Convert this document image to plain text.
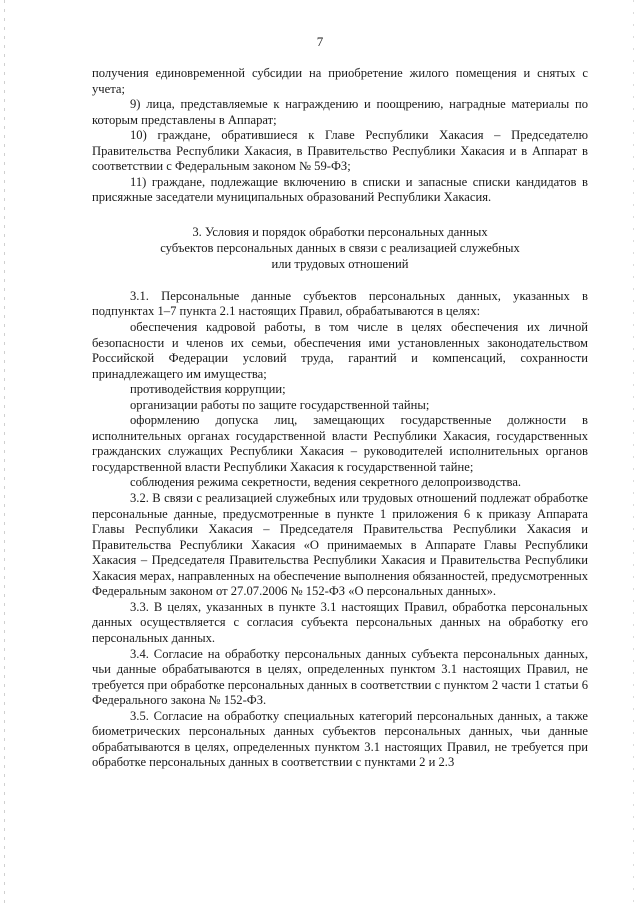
7

получения единовременной субсидии на приобретение жилого помещения и снятых с учета;

9) лица, представляемые к награждению и поощрению, наградные материалы по которым представлены в Аппарат;

10) граждане, обратившиеся к Главе Республики Хакасия – Председателю Правительства Республики Хакасия, в Правительство Республики Хакасия и в Аппарат в соответствии с Федеральным законом № 59-ФЗ;

11) граждане, подлежащие включению в списки и запасные списки кандидатов в присяжные заседатели муниципальных образований Республики Хакасия.

3. Условия и порядок обработки персональных данных
субъектов персональных данных в связи с реализацией служебных
или трудовых отношений

3.1. Персональные данные субъектов персональных данных, указанных в подпунктах 1–7 пункта 2.1 настоящих Правил, обрабатываются в целях:

обеспечения кадровой работы, в том числе в целях обеспечения их личной безопасности и членов их семьи, обеспечения ими установленных законодательством Российской Федерации условий труда, гарантий и компенсаций, сохранности принадлежащего им имущества;

противодействия коррупции;

организации работы по защите государственной тайны;

оформлению допуска лиц, замещающих государственные должности в исполнительных органах государственной власти Республики Хакасия, государственных гражданских служащих Республики Хакасия – руководителей исполнительных органов государственной власти Республики Хакасия к государственной тайне;

соблюдения режима секретности, ведения секретного делопроизводства.

3.2. В связи с реализацией служебных или трудовых отношений подлежат обработке персональные данные, предусмотренные в пункте 1 приложения 6 к приказу Аппарата Главы Республики Хакасия – Председателя Правительства Республики Хакасия и Правительства Республики Хакасия «О принимаемых в Аппарате Главы Республики Хакасия – Председателя Правительства Республики Хакасия и Правительства Республики Хакасия мерах, направленных на обеспечение выполнения обязанностей, предусмотренных Федеральным законом от 27.07.2006 № 152-ФЗ «О персональных данных».

3.3. В целях, указанных в пункте 3.1 настоящих Правил, обработка персональных данных осуществляется с согласия субъекта персональных данных на обработку его персональных данных.

3.4. Согласие на обработку персональных данных субъекта персональных данных, чьи данные обрабатываются в целях, определенных пунктом 3.1 настоящих Правил, не требуется при обработке персональных данных в соответствии с пунктом 2 части 1 статьи 6 Федерального закона № 152-ФЗ.

3.5. Согласие на обработку специальных категорий персональных данных, а также биометрических персональных данных субъектов персональных данных, чьи данные обрабатываются в целях, определенных пунктом 3.1 настоящих Правил, не требуется при обработке персональных данных в соответствии с пунктами 2 и 2.3
